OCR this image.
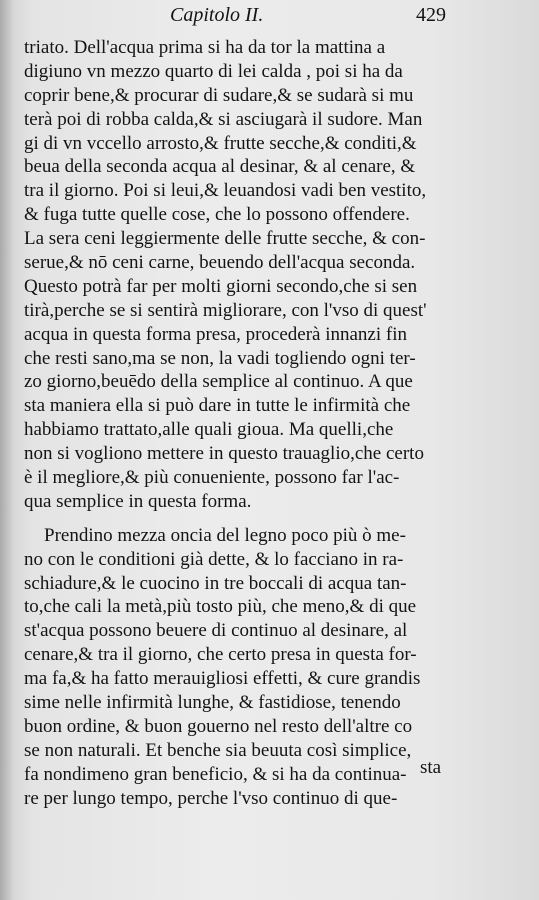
Capitolo II.	429
triato. Dell'acqua prima si ha da tor la mattina a
digiuno vn mezzo quarto di lei calda , poi si ha da
coprir bene,& procurar di sudare,& se sudarà si mu
terà poi di robba calda,& si asciugarà il sudore. Man
gi di vn vccello arrosto,& frutte secche,& conditi,&
beua della seconda acqua al desinar, & al cenare, &
tra il giorno. Poi si leui,& leuandosi vadi ben vestito,
& fuga tutte quelle cose, che lo possono offendere.
La sera ceni leggiermente delle frutte secche, & con-
serue,& nō ceni carne, beuendo dell'acqua seconda.
Questo potrà far per molti giorni secondo,che si sen
tirà,perche se si sentirà migliorare, con l'vso di quest'
acqua in questa forma presa, procederà innanzi fin
che resti sano,ma se non, la vadi togliendo ogni ter-
zo giorno,beuēdo della semplice al continuo. A que
sta maniera ella si può dare in tutte le infirmità che
habbiamo trattato,alle quali gioua. Ma quelli,che
non si vogliono mettere in questo trauaglio,che certo
è il megliore,& più conueniente, possono far l'ac-
qua semplice in questa forma.
Prendino mezza oncia del legno poco più ò me-
no con le conditioni già dette, & lo facciano in ra-
schiadure,& le cuocino in tre boccali di acqua tan-
to,che cali la metà,più tosto più, che meno,& di que
st'acqua possono beuere di continuo al desinare, al
cenare,& tra il giorno, che certo presa in questa for-
ma fa,& ha fatto merauigliosi effetti, & cure grandis
sime nelle infirmità lunghe, & fastidiose, tenendo
buon ordine, & buon gouerno nel resto dell'altre co
se non naturali. Et benche sia beuuta così simplice,
fa nondimeno gran beneficio, & si ha da continua-
re per lungo tempo, perche l'vso continuo di que-
sta
